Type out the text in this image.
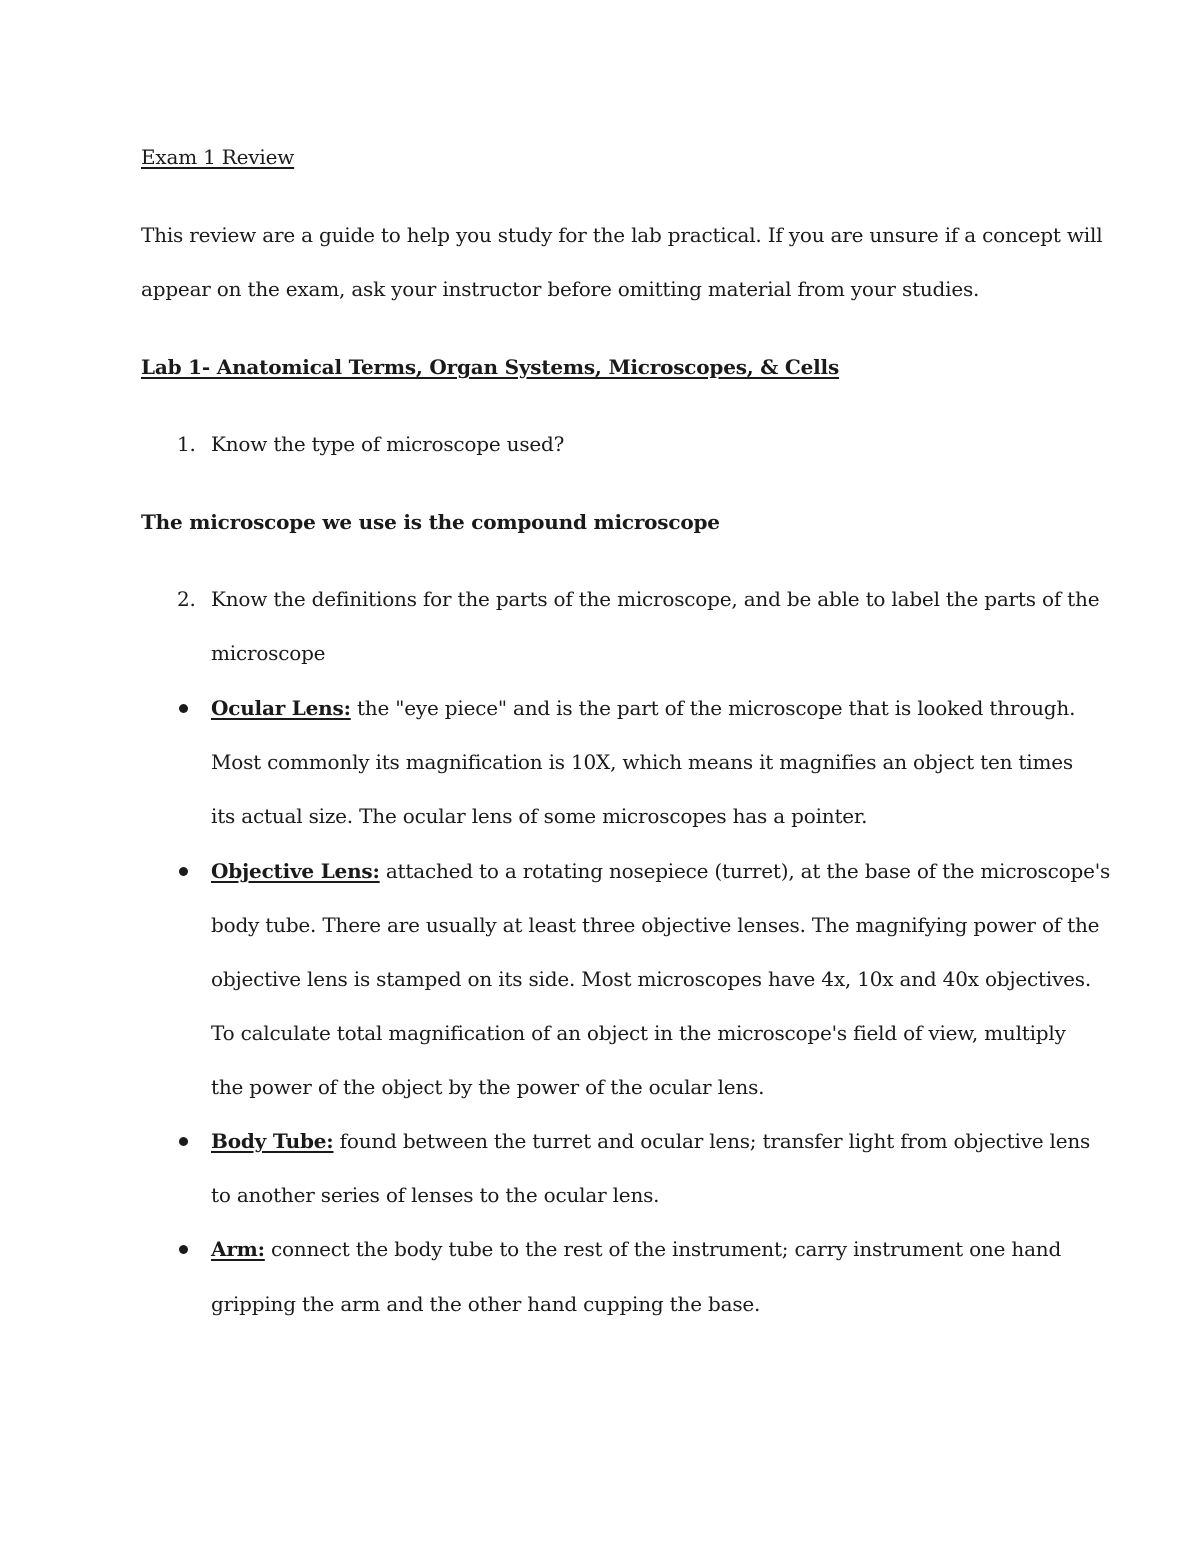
Exam 1 Review
This review are a guide to help you study for the lab practical. If you are unsure if a concept will
appear on the exam, ask your instructor before omitting material from your studies.
Lab 1- Anatomical Terms, Organ Systems, Microscopes, & Cells
1. Know the type of microscope used?
The microscope we use is the compound microscope
2. Know the definitions for the parts of the microscope, and be able to label the parts of the
microscope
Ocular Lens: the "eye piece" and is the part of the microscope that is looked through.
Most commonly its magnification is 10X, which means it magnifies an object ten times
its actual size. The ocular lens of some microscopes has a pointer.
Objective Lens: attached to a rotating nosepiece (turret), at the base of the microscope's
body tube. There are usually at least three objective lenses. The magnifying power of the
objective lens is stamped on its side. Most microscopes have 4x, 10x and 40x objectives.
To calculate total magnification of an object in the microscope's field of view, multiply
the power of the object by the power of the ocular lens.
Body Tube: found between the turret and ocular lens; transfer light from objective lens
to another series of lenses to the ocular lens.
Arm: connect the body tube to the rest of the instrument; carry instrument one hand
gripping the arm and the other hand cupping the base.
